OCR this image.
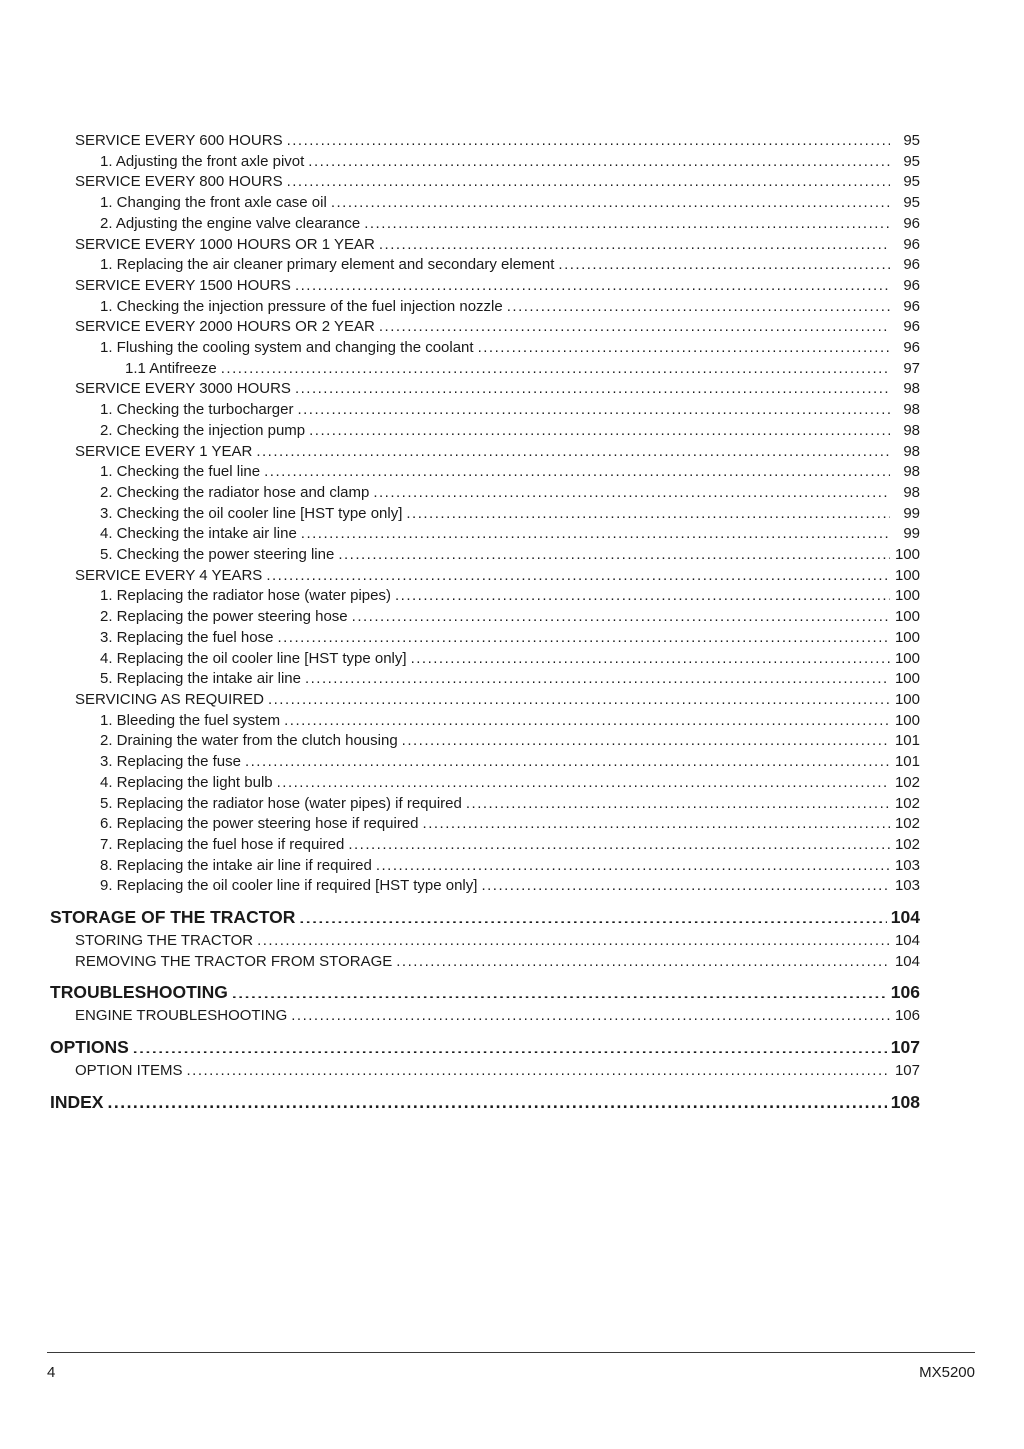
SERVICE EVERY 600 HOURS .....	95
1. Adjusting the front axle pivot .....	95
SERVICE EVERY 800 HOURS .....	95
1. Changing the front axle case oil .....	95
2. Adjusting the engine valve clearance .....	96
SERVICE EVERY 1000 HOURS OR 1 YEAR .....	96
1. Replacing the air cleaner primary element and secondary element .....	96
SERVICE EVERY 1500 HOURS .....	96
1. Checking the injection pressure of the fuel injection nozzle .....	96
SERVICE EVERY 2000 HOURS OR 2 YEAR .....	96
1. Flushing the cooling system and changing the coolant .....	96
1.1 Antifreeze .....	97
SERVICE EVERY 3000 HOURS .....	98
1. Checking the turbocharger .....	98
2. Checking the injection pump .....	98
SERVICE EVERY 1 YEAR .....	98
1. Checking the fuel line .....	98
2. Checking the radiator hose and clamp .....	98
3. Checking the oil cooler line [HST type only] .....	99
4. Checking the intake air line .....	99
5. Checking the power steering line .....	100
SERVICE EVERY 4 YEARS .....	100
1. Replacing the radiator hose (water pipes) .....	100
2. Replacing the power steering hose .....	100
3. Replacing the fuel hose .....	100
4. Replacing the oil cooler line [HST type only] .....	100
5. Replacing the intake air line .....	100
SERVICING AS REQUIRED .....	100
1. Bleeding the fuel system .....	100
2. Draining the water from the clutch housing .....	101
3. Replacing the fuse .....	101
4. Replacing the light bulb .....	102
5. Replacing the radiator hose (water pipes) if required .....	102
6. Replacing the power steering hose if required .....	102
7. Replacing the fuel hose if required .....	102
8. Replacing the intake air line if required .....	103
9. Replacing the oil cooler line if required [HST type only] .....	103
STORAGE OF THE TRACTOR .....	104
STORING THE TRACTOR .....	104
REMOVING THE TRACTOR FROM STORAGE .....	104
TROUBLESHOOTING .....	106
ENGINE TROUBLESHOOTING .....	106
OPTIONS .....	107
OPTION ITEMS .....	107
INDEX .....	108
4	MX5200
